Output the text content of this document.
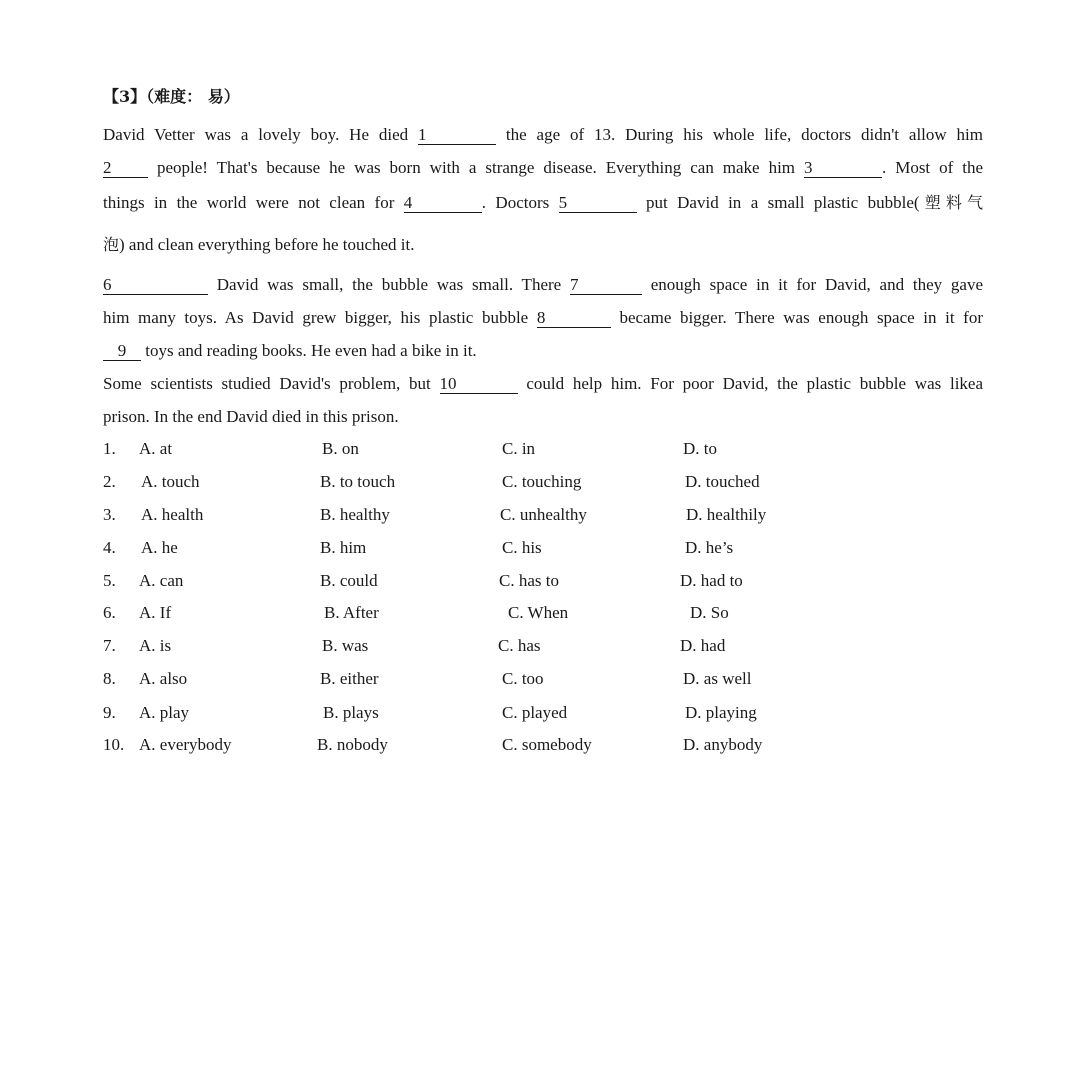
【3】（难度： 易）
David Vetter was a lovely boy. He died 1	the age of 13. During his whole life, doctors didn't allow him
2	people! That's because he was born with a strange disease. Everything can make him 3	. Most of the
things in the world were not clean for 4	. Doctors 5	put David in a small plastic bubble(塑料气
泡) and clean everything before he touched it.
6	David was small, the bubble was small. There 7	enough space in it for David, and they gave
him many toys. As David grew bigger, his plastic bubble 8	became bigger. There was enough space in it for
9 toys and reading books. He even had a bike in it.
Some scientists studied David's problem, but 10	could help him. For poor David, the plastic bubble was likea
prison. In the end David died in this prison.
1. A. at	B. on	C. in	D. to
2. A. touch	B. to touch	C. touching	D. touched
3. A. health	B. healthy	C. unhealthy	D. healthily
4. A. he	B. him	C. his	D. he’s
5. A. can	B. could	C. has to	D. had to
6. A. If	B. After	C. When	D. So
7. A. is	B. was	C. has	D. had
8. A. also	B. either	C. too	D. as well
9. A. play	B. plays	C. played	D. playing
10. A. everybody	B. nobody	C. somebody	D. anybody
